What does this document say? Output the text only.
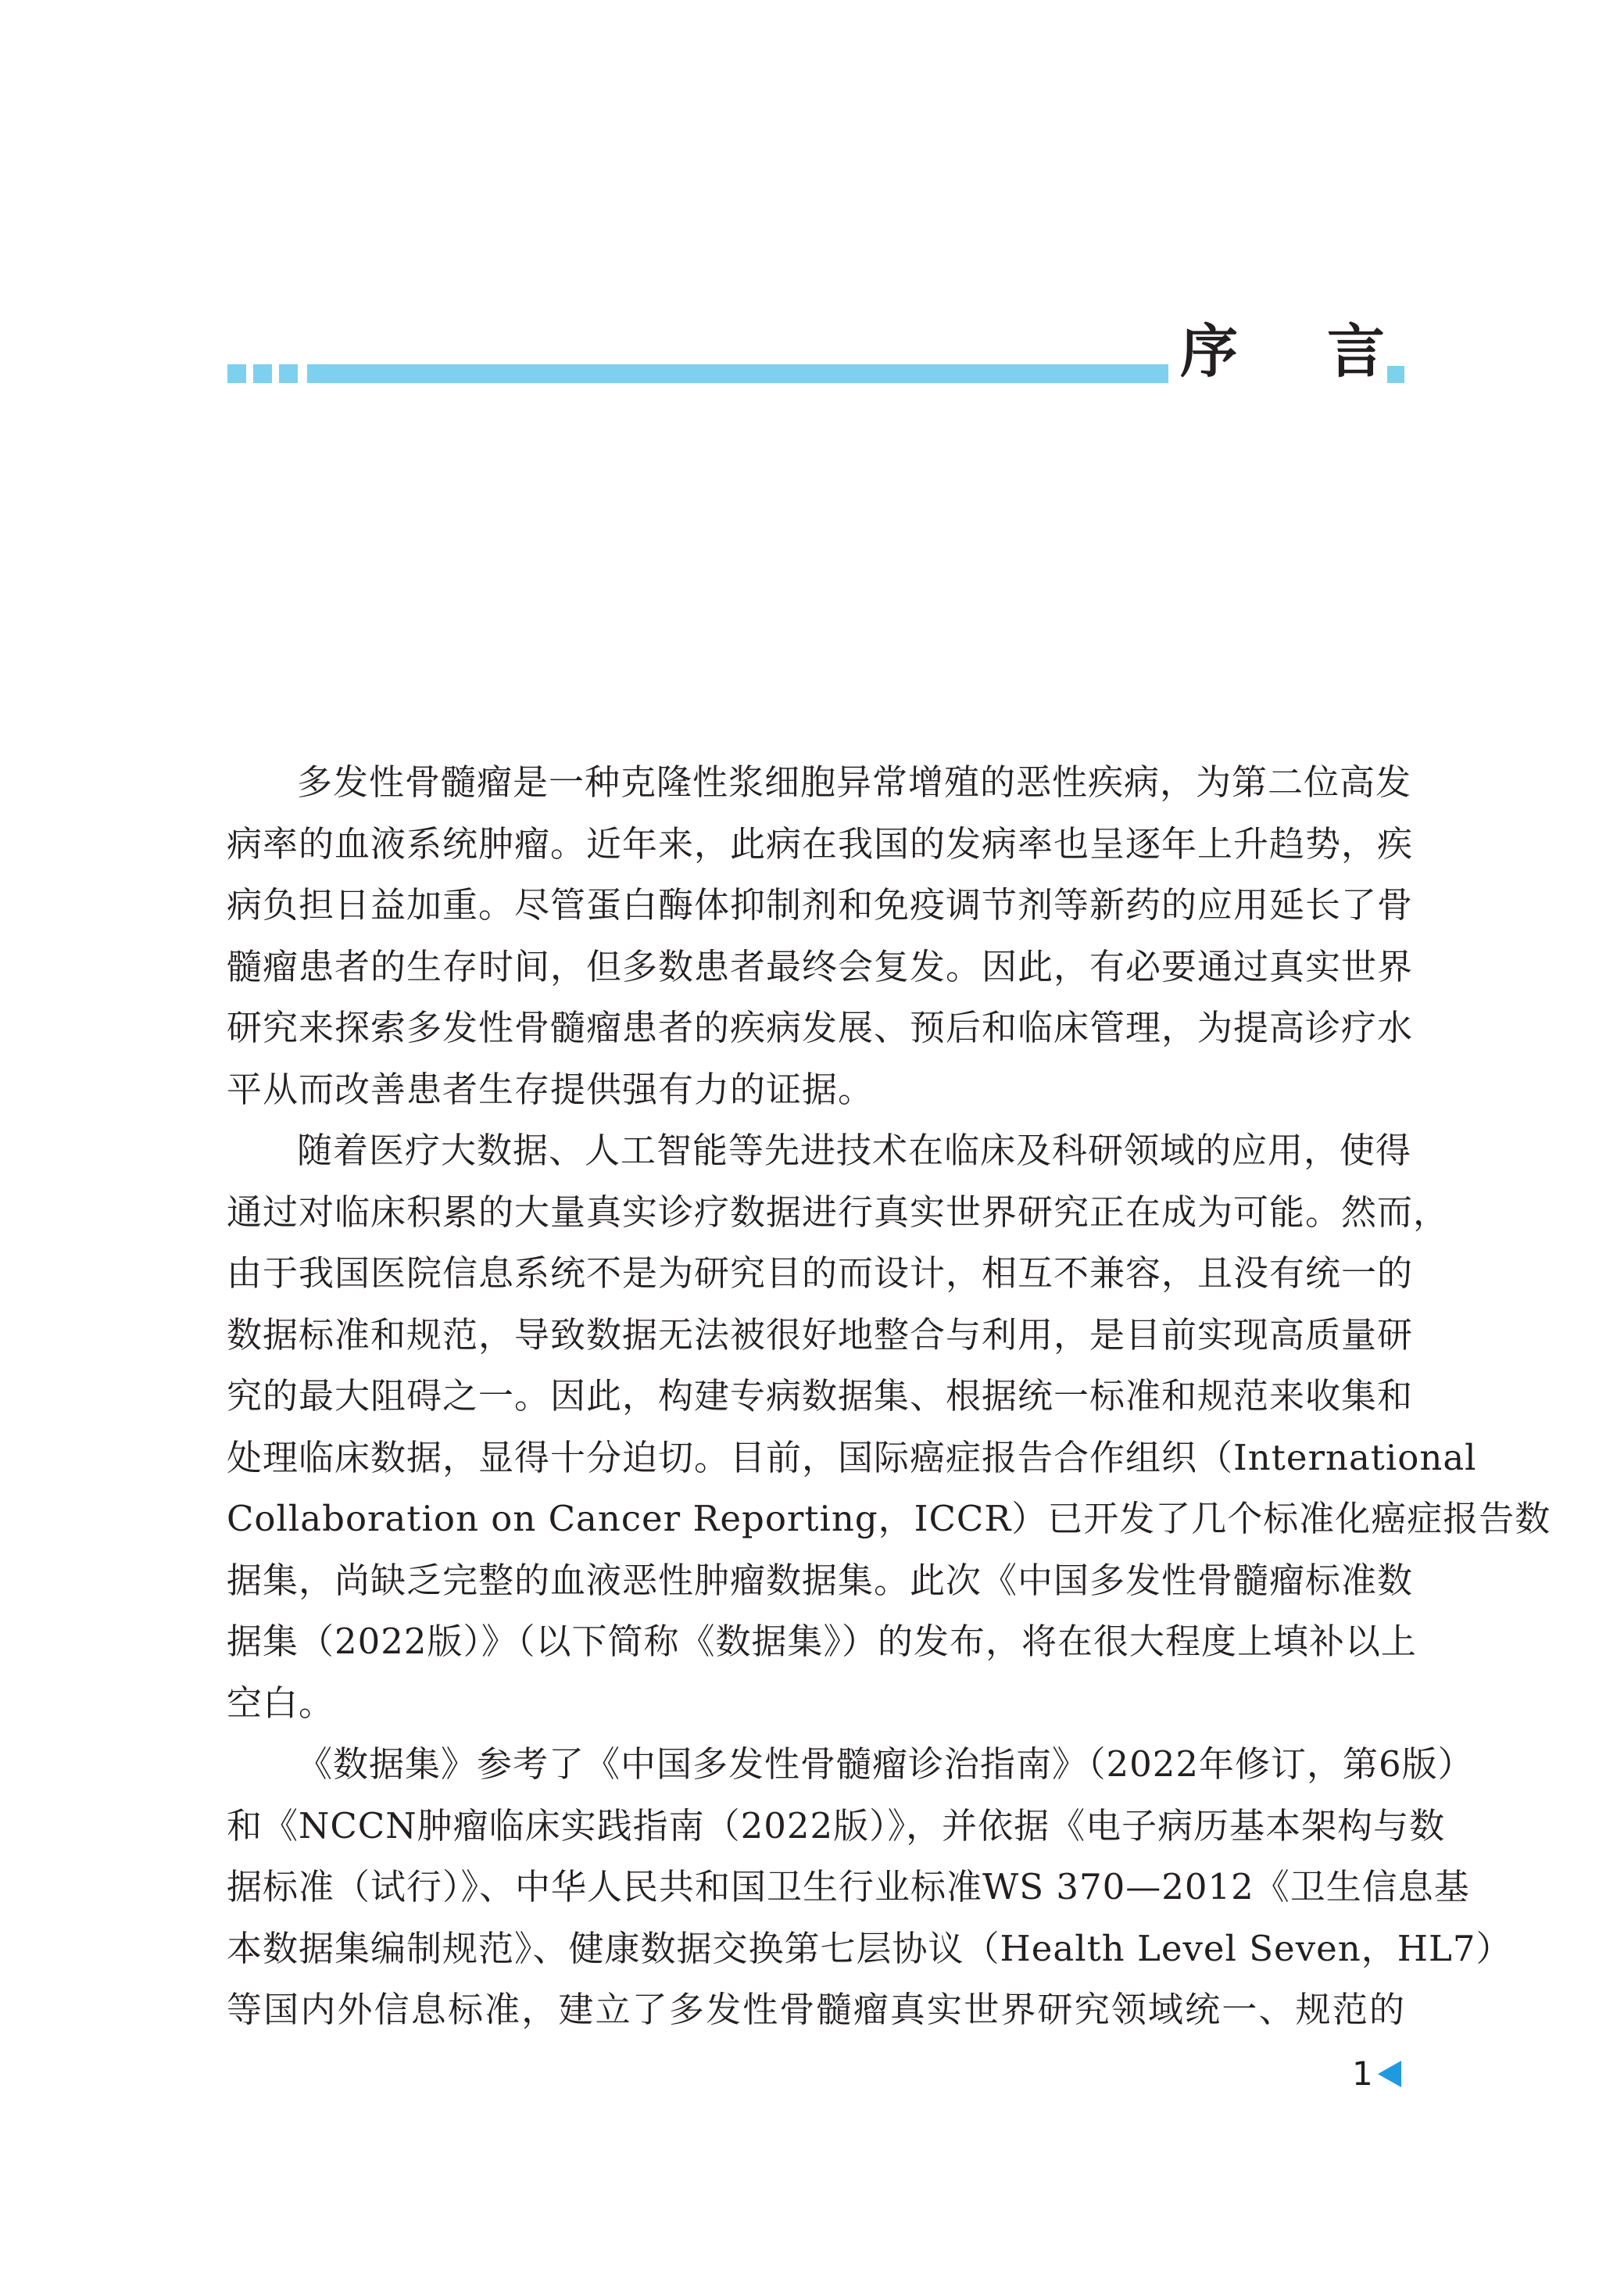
序 言
多发性骨髓瘤是一种克隆性浆细胞异常增殖的恶性疾病，为第二位高发
病率的血液系统肿瘤。近年来，此病在我国的发病率也呈逐年上升趋势，疾
病负担日益加重。尽管蛋白酶体抑制剂和免疫调节剂等新药的应用延长了骨
髓瘤患者的生存时间，但多数患者最终会复发。因此，有必要通过真实世界
研究来探索多发性骨髓瘤患者的疾病发展、预后和临床管理，为提高诊疗水
平从而改善患者生存提供强有力的证据。
随着医疗大数据、人工智能等先进技术在临床及科研领域的应用，使得
通过对临床积累的大量真实诊疗数据进行真实世界研究正在成为可能。然而，
由于我国医院信息系统不是为研究目的而设计，相互不兼容，且没有统一的
数据标准和规范，导致数据无法被很好地整合与利用，是目前实现高质量研
究的最大阻碍之一。因此，构建专病数据集、根据统一标准和规范来收集和
处理临床数据，显得十分迫切。目前，国际癌症报告合作组织（International
Collaboration on Cancer Reporting，ICCR）已开发了几个标准化癌症报告数
据集，尚缺乏完整的血液恶性肿瘤数据集。此次《中国多发性骨髓瘤标准数
据集（2022版）》（以下简称《数据集》）的发布，将在很大程度上填补以上
空白。
《数据集》参考了《中国多发性骨髓瘤诊治指南》（2022年修订，第6版）
和《NCCN肿瘤临床实践指南（2022版）》，并依据《电子病历基本架构与数
据标准（试行）》、中华人民共和国卫生行业标准WS 370—2012《卫生信息基
本数据集编制规范》、健康数据交换第七层协议（Health Level Seven，HL7）
等国内外信息标准，建立了多发性骨髓瘤真实世界研究领域统一、规范的
1
